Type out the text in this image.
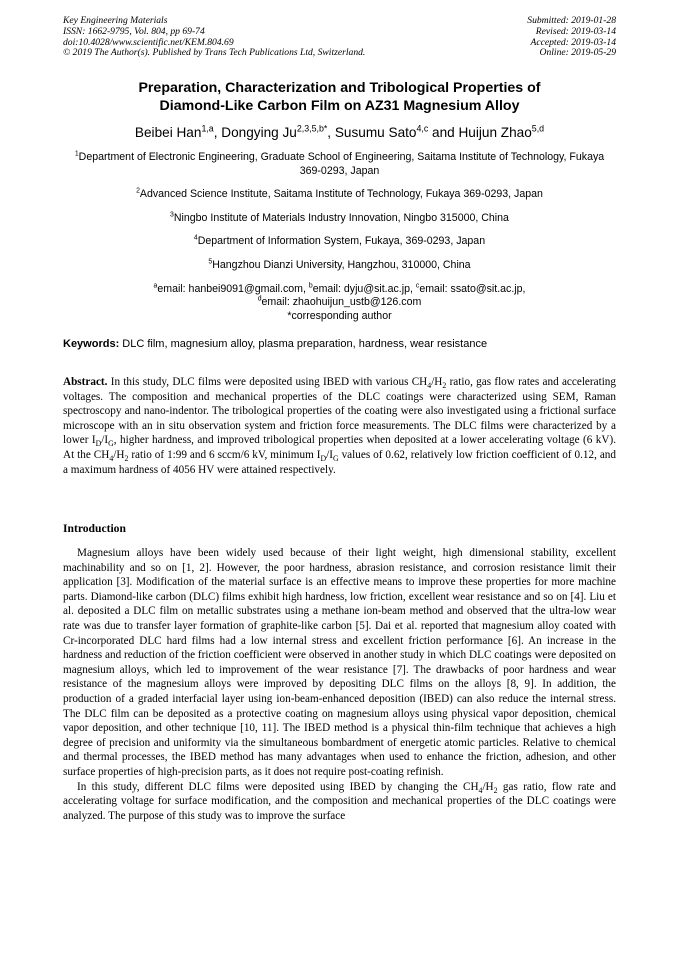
Key Engineering Materials
ISSN: 1662-9795, Vol. 804, pp 69-74
doi:10.4028/www.scientific.net/KEM.804.69
© 2019 The Author(s). Published by Trans Tech Publications Ltd, Switzerland.
Submitted: 2019-01-28
Revised: 2019-03-14
Accepted: 2019-03-14
Online: 2019-05-29
Preparation, Characterization and Tribological Properties of
Diamond-Like Carbon Film on AZ31 Magnesium Alloy
Beibei Han$^{1,a}$, Dongying $Ju^{2,3,5,b*}$, Susumu Sato$^{4,c}$ and Huijun Zhao$^{5,d}$

$^1$Department of Electronic Engineering, Graduate School of Engineering, Saitama Institute of Technology, Fukaya 369-0293, Japan

$^2$Advanced Science Institute, Saitama Institute of Technology, Fukaya 369-0293, Japan

$^3$Ningbo Institute of Materials Industry Innovation, Ningbo 315000, China

$^4$Department of Information System, Fukaya, 369-0293, Japan

$^5$Hangzhou Dianzi University, Hangzhou, 310000, China

$^a$email: hanbei9091@gmail.com, $^b$email: dyju@sit.ac.jp, $^c$email: ssato@sit.ac.jp,
$^d$email: zhaohuijun_ustb@126.com
*corresponding author
Keywords: DLC film, magnesium alloy, plasma preparation, hardness, wear resistance
Abstract. In this study, DLC films were deposited using IBED with various $CH_4/H_2$ ratio, gas flow rates and accelerating voltages. The composition and mechanical properties of the DLC coatings were characterized using SEM, Raman spectroscopy and nano-indentor. The tribological properties of the coating were also investigated using a frictional surface microscope with an in situ observation system and friction force measurements. The DLC films were characterized by a lower $I_D/I_G$, higher hardness, and improved tribological properties when deposited at a lower accelerating voltage (6 kV). At the $CH_4/H_2$ ratio of 1:99 and 6 sccm/6 kV, minimum $I_D/I_G$ values of 0.62, relatively low friction coefficient of 0.12, and a maximum hardness of 4056 HV were attained respectively.
Introduction

Magnesium alloys have been widely used because of their light weight, high dimensional stability, excellent machinability and so on [1, 2]. However, the poor hardness, abrasion resistance, and corrosion resistance limit their application [3]. Modification of the material surface is an effective means to improve these properties for more machine parts. Diamond-like carbon (DLC) films exhibit high hardness, low friction, excellent wear resistance and so on [4]. Liu et al. deposited a DLC film on metallic substrates using a methane ion-beam method and observed that the ultra-low wear rate was due to transfer layer formation of graphite-like carbon [5]. Dai et al. reported that magnesium alloy coated with Cr-incorporated DLC hard films had a low internal stress and excellent friction performance [6]. An increase in the hardness and reduction of the friction coefficient were observed in another study in which DLC coatings were deposited on magnesium alloys, which led to improvement of the wear resistance [7]. The drawbacks of poor hardness and wear resistance of the magnesium alloys were improved by depositing DLC films on the alloys [8, 9]. In addition, the production of a graded interfacial layer using ion-beam-enhanced deposition (IBED) can also reduce the internal stress. The DLC film can be deposited as a protective coating on magnesium alloys using physical vapor deposition, chemical vapor deposition, and other technique [10, 11]. The IBED method is a physical thin-film technique that achieves a high degree of precision and uniformity via the simultaneous bombardment of energetic atomic particles. Relative to chemical and thermal processes, the IBED method has many advantages when used to enhance the friction, adhesion, and other surface properties of high-precision parts, as it does not require post-coating refinish.

In this study, different DLC films were deposited using IBED by changing the $CH_4/H_2$ gas ratio, flow rate and accelerating voltage for surface modification, and the composition and mechanical properties of the DLC coatings were analyzed. The purpose of this study was to improve the surface
